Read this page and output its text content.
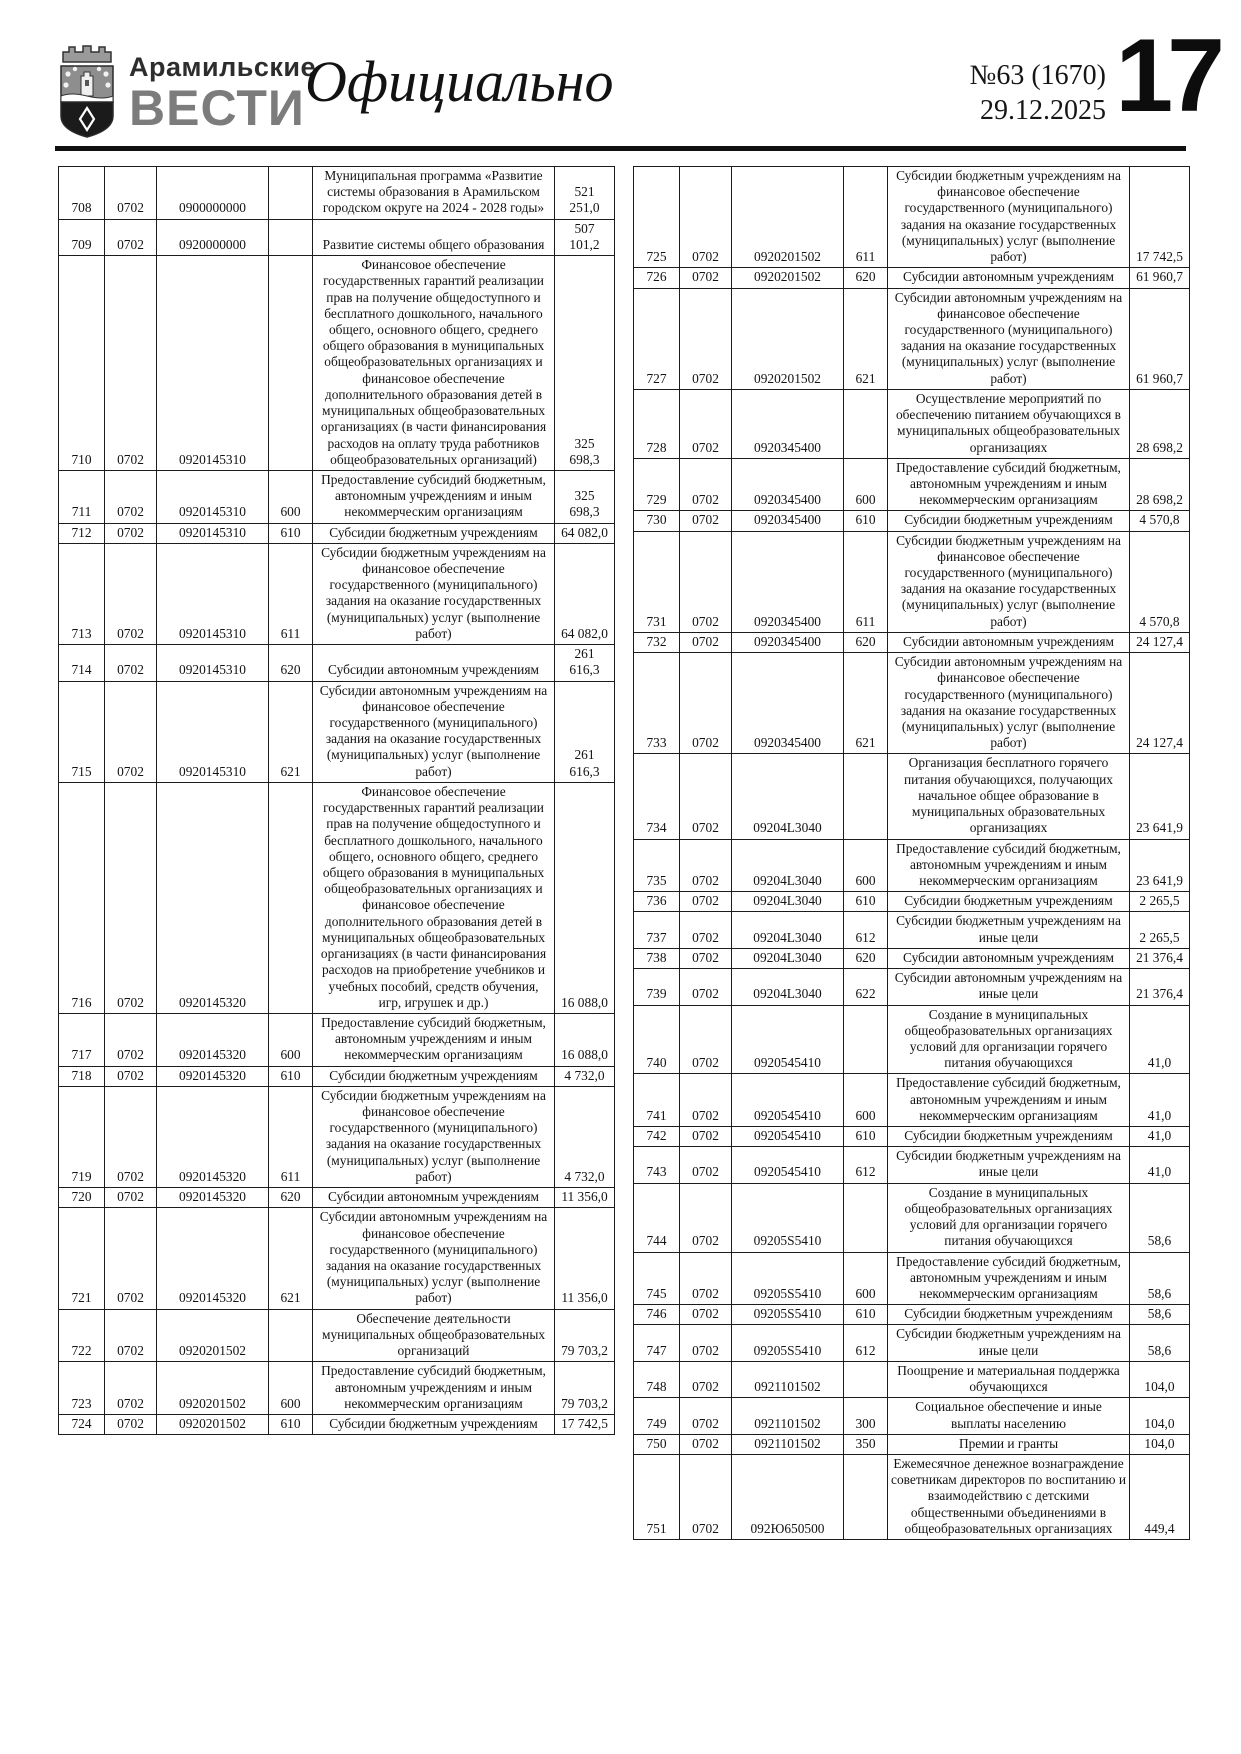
Арамильские
ВЕСТИ Официально	№63 (1670)
29.12.2025 17
708	0702	0900000000		Муниципальная программа «Развитие системы образования в Арамильском городском округе на 2024 - 2028 годы»	521 251,0
709	0702	0920000000		Развитие системы общего образования	507 101,2
710	0702	0920145310		Финансовое обеспечение государственных гарантий реализации прав на получение общедоступного и бесплатного дошкольного, начального общего, основного общего, среднего общего образования в муниципальных общеобразовательных организациях и финансовое обеспечение дополнительного образования детей в муниципальных общеобразовательных организациях (в части финансирования расходов на оплату труда работников общеобразовательных организаций)	325 698,3
711	0702	0920145310	600	Предоставление субсидий бюджетным, автономным учреждениям и иным некоммерческим организациям	325 698,3
712	0702	0920145310	610	Субсидии бюджетным учреждениям	64 082,0
713	0702	0920145310	611	Субсидии бюджетным учреждениям на финансовое обеспечение государственного (муниципального) задания на оказание государственных (муниципальных) услуг (выполнение работ)	64 082,0
714	0702	0920145310	620	Субсидии автономным учреждениям	261 616,3
715	0702	0920145310	621	Субсидии автономным учреждениям на финансовое обеспечение государственного (муниципального) задания на оказание государственных (муниципальных) услуг (выполнение работ)	261 616,3
716	0702	0920145320		Финансовое обеспечение государственных гарантий реализации прав на получение общедоступного и бесплатного дошкольного, начального общего, основного общего, среднего общего образования в муниципальных общеобразовательных организациях и финансовое обеспечение дополнительного образования детей в муниципальных общеобразовательных организациях (в части финансирования расходов на приобретение учебников и учебных пособий, средств обучения, игр, игрушек и др.)	16 088,0
717	0702	0920145320	600	Предоставление субсидий бюджетным, автономным учреждениям и иным некоммерческим организациям	16 088,0
718	0702	0920145320	610	Субсидии бюджетным учреждениям	4 732,0
719	0702	0920145320	611	Субсидии бюджетным учреждениям на финансовое обеспечение государственного (муниципального) задания на оказание государственных (муниципальных) услуг (выполнение работ)	4 732,0
720	0702	0920145320	620	Субсидии автономным учреждениям	11 356,0
721	0702	0920145320	621	Субсидии автономным учреждениям на финансовое обеспечение государственного (муниципального) задания на оказание государственных (муниципальных) услуг (выполнение работ)	11 356,0
722	0702	0920201502		Обеспечение деятельности муниципальных общеобразовательных организаций	79 703,2
723	0702	0920201502	600	Предоставление субсидий бюджетным, автономным учреждениям и иным некоммерческим организациям	79 703,2
724	0702	0920201502	610	Субсидии бюджетным учреждениям	17 742,5
725	0702	0920201502	611	Субсидии бюджетным учреждениям на финансовое обеспечение государственного (муниципального) задания на оказание государственных (муниципальных) услуг (выполнение работ)	17 742,5
726	0702	0920201502	620	Субсидии автономным учреждениям	61 960,7
727	0702	0920201502	621	Субсидии автономным учреждениям на финансовое обеспечение государственного (муниципального) задания на оказание государственных (муниципальных) услуг (выполнение работ)	61 960,7
728	0702	0920345400		Осуществление мероприятий по обеспечению питанием обучающихся в муниципальных общеобразовательных организациях	28 698,2
729	0702	0920345400	600	Предоставление субсидий бюджетным, автономным учреждениям и иным некоммерческим организациям	28 698,2
730	0702	0920345400	610	Субсидии бюджетным учреждениям	4 570,8
731	0702	0920345400	611	Субсидии бюджетным учреждениям на финансовое обеспечение государственного (муниципального) задания на оказание государственных (муниципальных) услуг (выполнение работ)	4 570,8
732	0702	0920345400	620	Субсидии автономным учреждениям	24 127,4
733	0702	0920345400	621	Субсидии автономным учреждениям на финансовое обеспечение государственного (муниципального) задания на оказание государственных (муниципальных) услуг (выполнение работ)	24 127,4
734	0702	09204L3040		Организация бесплатного горячего питания обучающихся, получающих начальное общее образование в муниципальных образовательных организациях	23 641,9
735	0702	09204L3040	600	Предоставление субсидий бюджетным, автономным учреждениям и иным некоммерческим организациям	23 641,9
736	0702	09204L3040	610	Субсидии бюджетным учреждениям	2 265,5
737	0702	09204L3040	612	Субсидии бюджетным учреждениям на иные цели	2 265,5
738	0702	09204L3040	620	Субсидии автономным учреждениям	21 376,4
739	0702	09204L3040	622	Субсидии автономным учреждениям на иные цели	21 376,4
740	0702	0920545410		Создание в муниципальных общеобразовательных организациях условий для организации горячего питания обучающихся	41,0
741	0702	0920545410	600	Предоставление субсидий бюджетным, автономным учреждениям и иным некоммерческим организациям	41,0
742	0702	0920545410	610	Субсидии бюджетным учреждениям	41,0
743	0702	0920545410	612	Субсидии бюджетным учреждениям на иные цели	41,0
744	0702	09205S5410		Создание в муниципальных общеобразовательных организациях условий для организации горячего питания обучающихся	58,6
745	0702	09205S5410	600	Предоставление субсидий бюджетным, автономным учреждениям и иным некоммерческим организациям	58,6
746	0702	09205S5410	610	Субсидии бюджетным учреждениям	58,6
747	0702	09205S5410	612	Субсидии бюджетным учреждениям на иные цели	58,6
748	0702	0921101502		Поощрение и материальная поддержка обучающихся	104,0
749	0702	0921101502	300	Социальное обеспечение и иные выплаты населению	104,0
750	0702	0921101502	350	Премии и гранты	104,0
751	0702	092Ю650500		Ежемесячное денежное вознаграждение советникам директоров по воспитанию и взаимодействию с детскими общественными объединениями в общеобразовательных организациях	449,4
